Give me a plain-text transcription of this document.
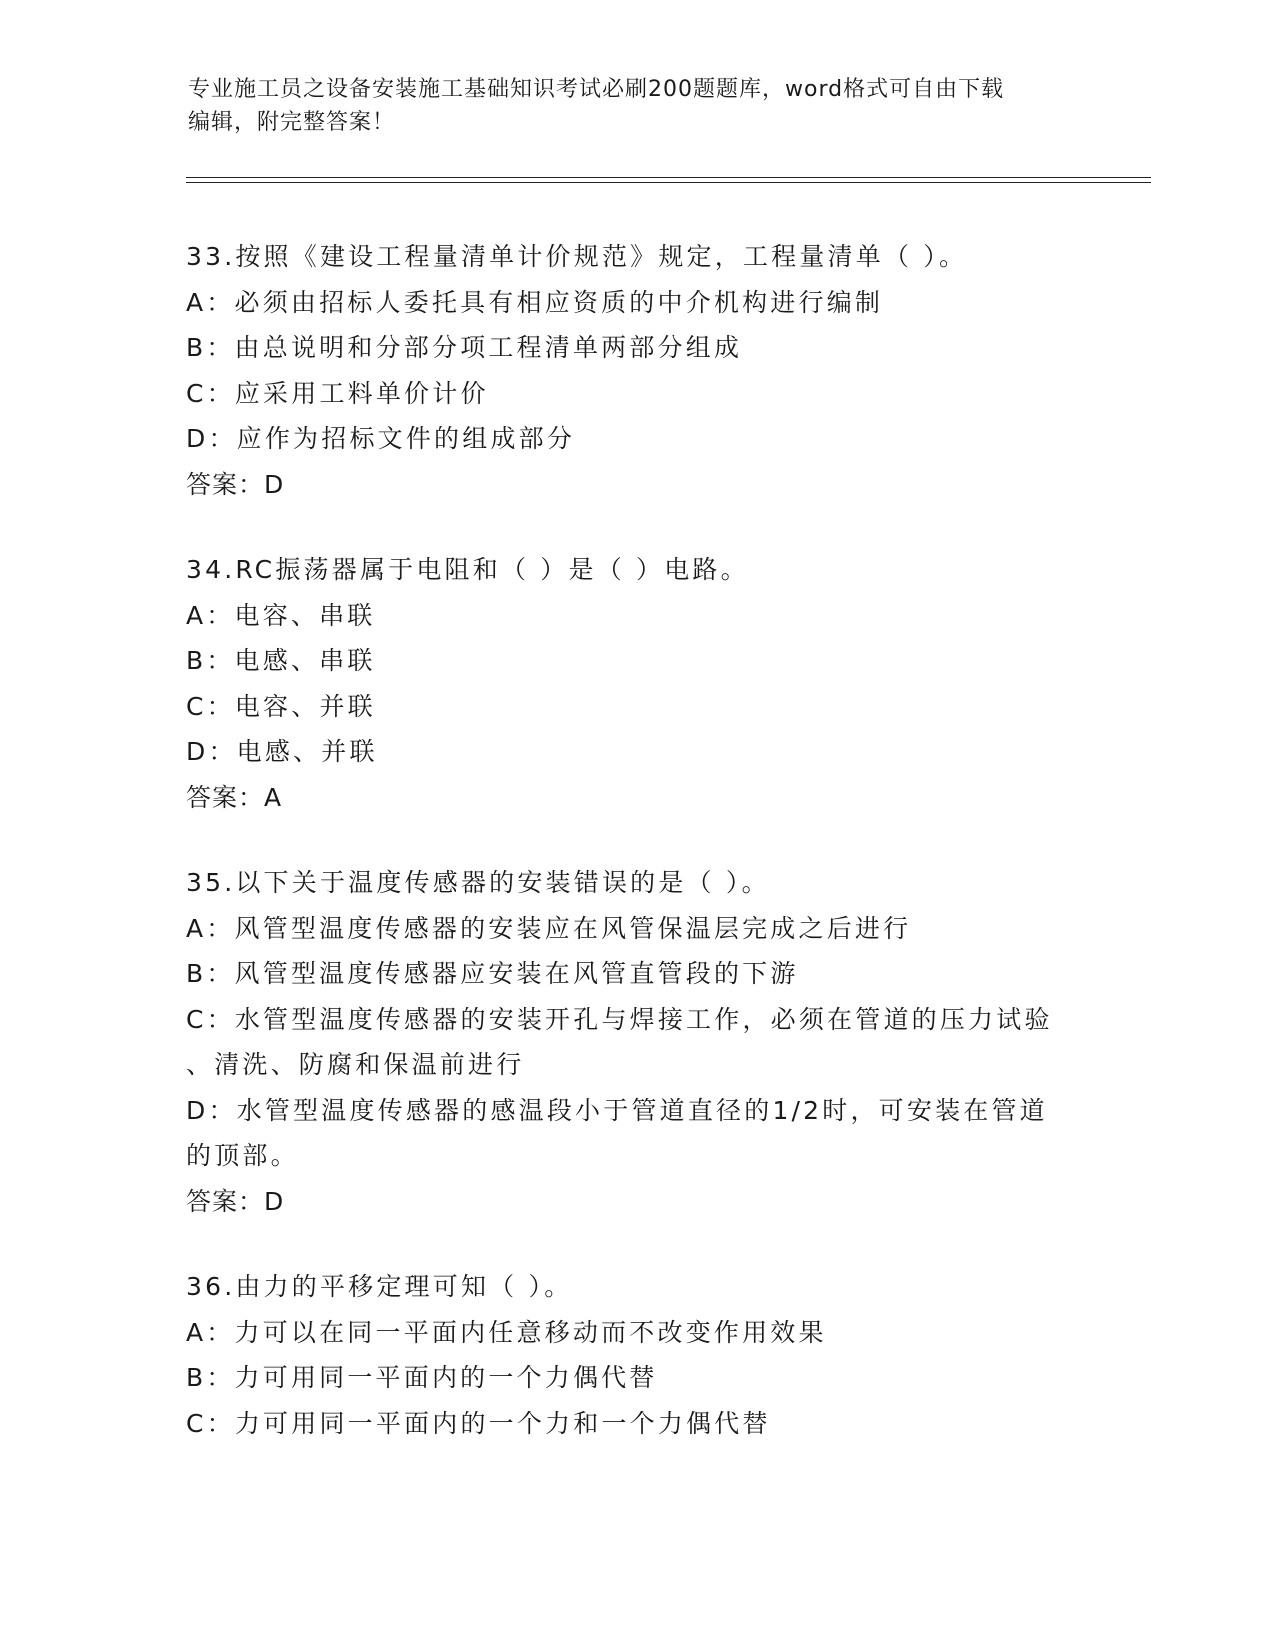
专业施工员之设备安装施工基础知识考试必刷200题题库，word格式可自由下载
编辑，附完整答案！
33.按照《建设工程量清单计价规范》规定，工程量清单（ ）。
A：必须由招标人委托具有相应资质的中介机构进行编制
B：由总说明和分部分项工程清单两部分组成
C：应采用工料单价计价
D：应作为招标文件的组成部分
答案：D
34.RC振荡器属于电阻和（ ）是（ ）电路。
A：电容、串联
B：电感、串联
C：电容、并联
D：电感、并联
答案：A
35.以下关于温度传感器的安装错误的是（ ）。
A：风管型温度传感器的安装应在风管保温层完成之后进行
B：风管型温度传感器应安装在风管直管段的下游
C：水管型温度传感器的安装开孔与焊接工作，必须在管道的压力试验
、清洗、防腐和保温前进行
D：水管型温度传感器的感温段小于管道直径的1/2时，可安装在管道
的顶部。
答案：D
36.由力的平移定理可知（ ）。
A：力可以在同一平面内任意移动而不改变作用效果
B：力可用同一平面内的一个力偶代替
C：力可用同一平面内的一个力和一个力偶代替
